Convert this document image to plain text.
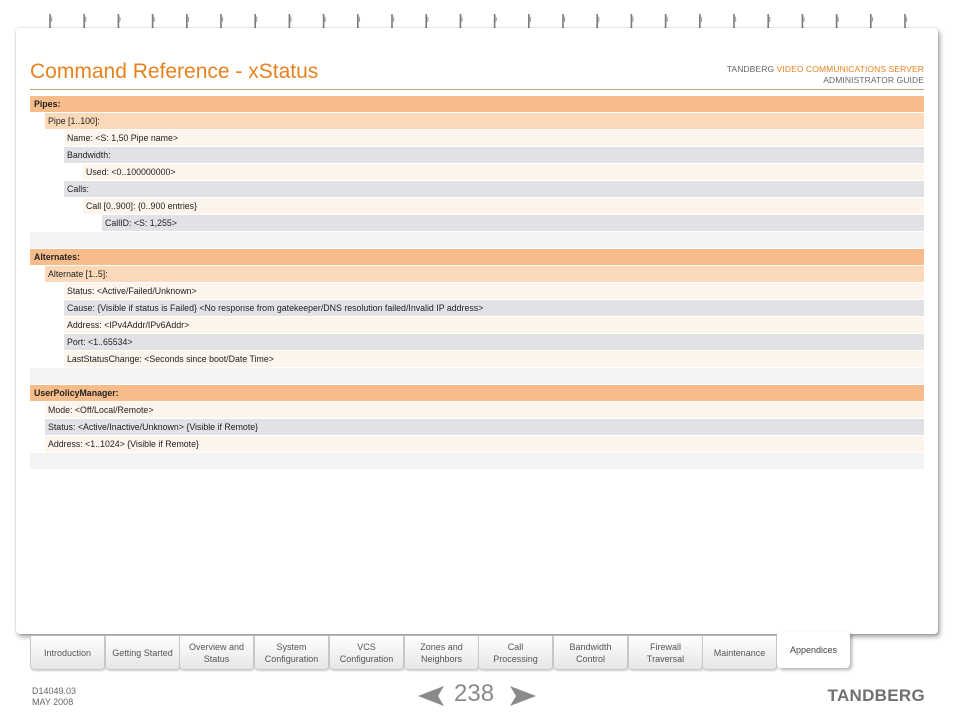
Command Reference - xStatus	TANDBERG VIDEO COMMUNICATIONS SERVER
ADMINISTRATOR GUIDE
Pipes:
Pipe [1..100]:
Name: <S: 1,50 Pipe name>
Bandwidth:
Used: <0..100000000>
Calls:
Call [0..900]: {0..900 entries}
CallID: <S: 1,255>
Alternates:
Alternate [1..5]:
Status: <Active/Failed/Unknown>
Cause: {Visible if status is Failed} <No response from gatekeeper/DNS resolution failed/Invalid IP address>
Address: <IPv4Addr/IPv6Addr>
Port: <1..65534>
LastStatusChange: <Seconds since boot/Date Time>
UserPolicyManager:
Mode: <Off/Local/Remote>
Status: <Active/Inactive/Unknown> {Visible if Remote}
Address: <1..1024> {Visible if Remote}
Introduction Getting Started
Overview and
Status
System
Configuration
VCS
Configuration
Zones and
Neighbors
Call
Processing
Bandwidth
Control
Firewall
Traversal
Maintenance	Appendices
D14049.03
MAY 2008	238	TANDBERG
